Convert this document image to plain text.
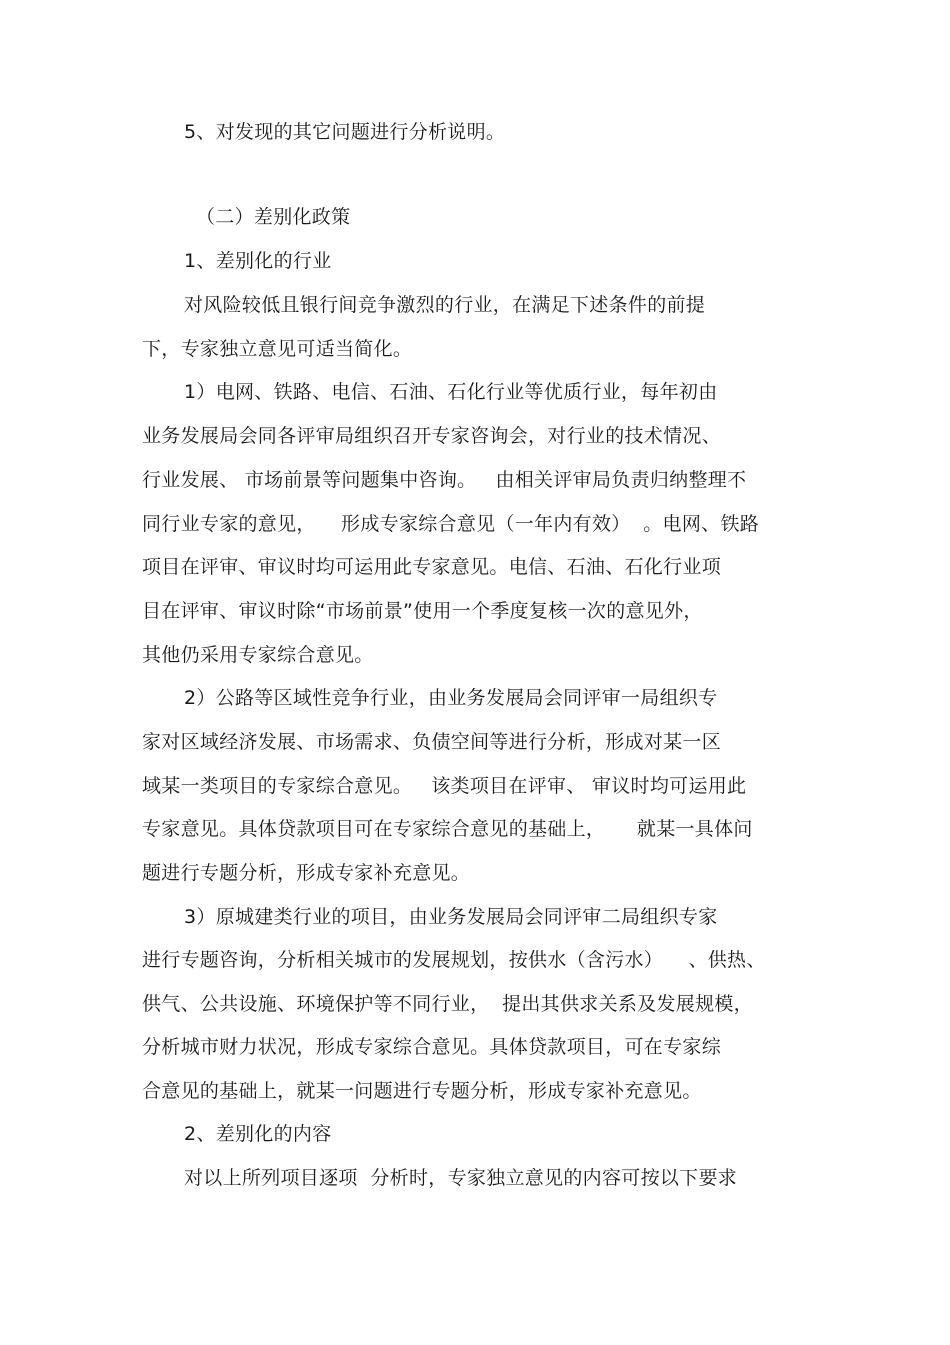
5、对发现的其它问题进行分析说明。
（二）差别化政策
1、差别化的行业
对风险较低且银行间竞争激烈的行业，在满足下述条件的前提
下，专家独立意见可适当简化。
1）电网、铁路、电信、石油、石化行业等优质行业，每年初由
业务发展局会同各评审局组织召开专家咨询会，对行业的技术情况、
行业发展、 市场前景等问题集中咨询。   由相关评审局负责归纳整理不
同行业专家的意见，    形成专家综合意见（一年内有效）  。电网、铁路
项目在评审、审议时均可运用此专家意见。电信、石油、石化行业项
目在评审、审议时除“市场前景”使用一个季度复核一次的意见外，
其他仍采用专家综合意见。
2）公路等区域性竞争行业，由业务发展局会同评审一局组织专
家对区域经济发展、市场需求、负债空间等进行分析，形成对某一区
域某一类项目的专家综合意见。   该类项目在评审、 审议时均可运用此
专家意见。具体贷款项目可在专家综合意见的基础上，     就某一具体问
题进行专题分析，形成专家补充意见。
3）原城建类行业的项目，由业务发展局会同评审二局组织专家
进行专题咨询，分析相关城市的发展规划，按供水（含污水）    、供热、
供气、公共设施、环境保护等不同行业，  提出其供求关系及发展规模，
分析城市财力状况，形成专家综合意见。具体贷款项目，可在专家综
合意见的基础上，就某一问题进行专题分析，形成专家补充意见。
2、差别化的内容
对以上所列项目逐项  分析时，专家独立意见的内容可按以下要求
